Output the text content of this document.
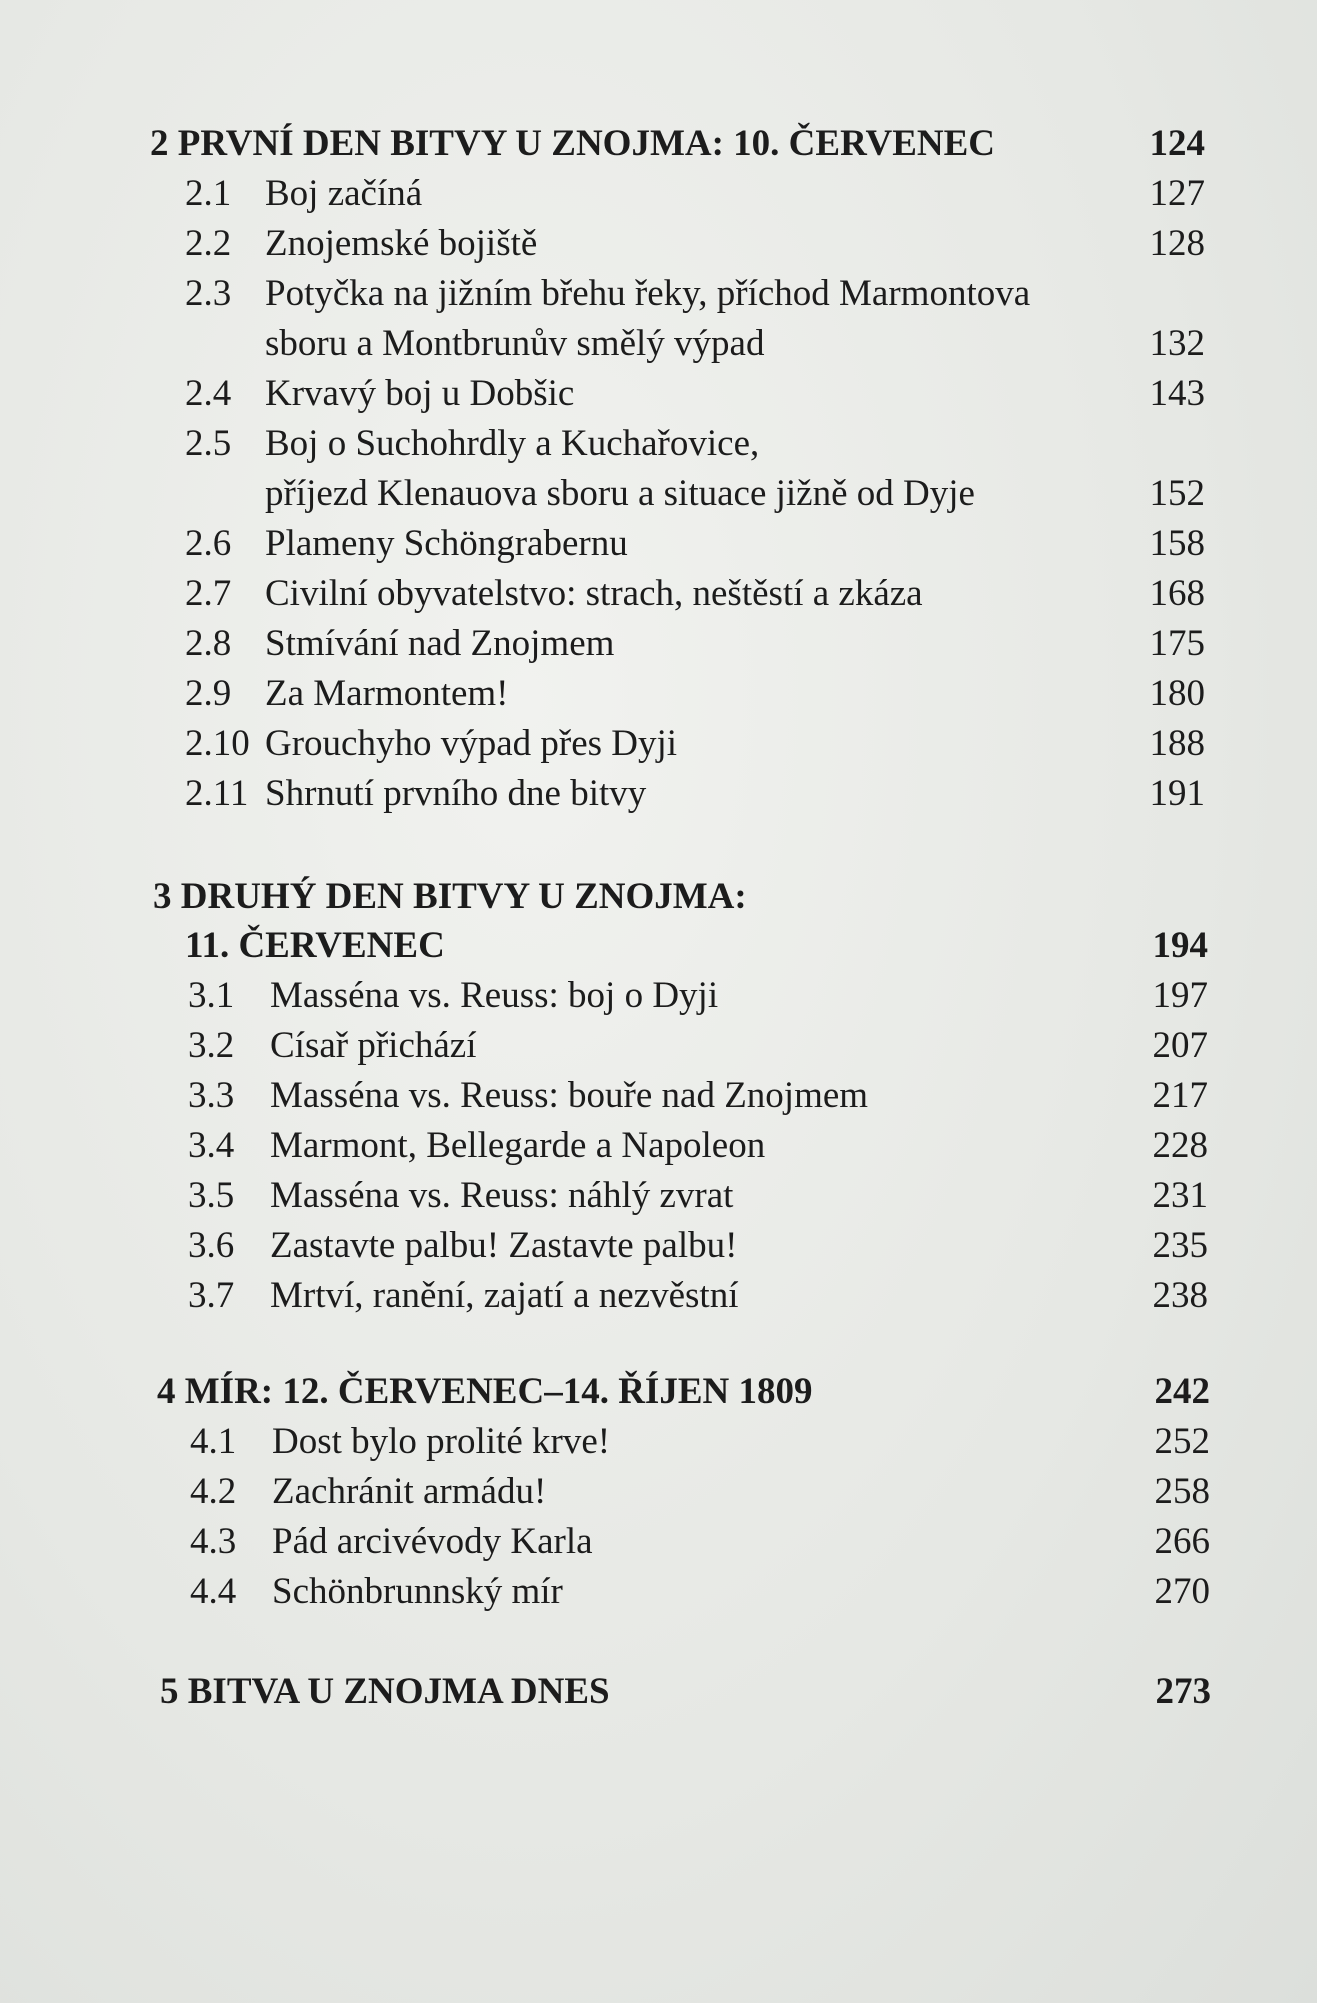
2 PRVNÍ DEN BITVY U ZNOJMA: 10. ČERVENEC	124
2.1 Boj začíná	127
2.2 Znojemské bojiště	128
2.3 Potyčka na jižním břehu řeky, příchod Marmontova
sboru a Montbrunův smělý výpad	132
2.4 Krvavý boj u Dobšic	143
2.5 Boj o Suchohrdly a Kuchařovice,
příjezd Klenauova sboru a situace jižně od Dyje	152
2.6 Plameny Schöngrabernu	158
2.7 Civilní obyvatelstvo: strach, neštěstí a zkáza	168
2.8 Stmívání nad Znojmem	175
2.9 Za Marmontem!	180
2.10 Grouchyho výpad přes Dyji	188
2.11 Shrnutí prvního dne bitvy	191
3 DRUHÝ DEN BITVY U ZNOJMA:
11. ČERVENEC	194
3.1 Masséna vs. Reuss: boj o Dyji	197
3.2 Císař přichází	207
3.3 Masséna vs. Reuss: bouře nad Znojmem	217
3.4 Marmont, Bellegarde a Napoleon	228
3.5 Masséna vs. Reuss: náhlý zvrat	231
3.6 Zastavte palbu! Zastavte palbu!	235
3.7 Mrtví, ranění, zajatí a nezvěstní	238
4 MÍR: 12. ČERVENEC–14. ŘÍJEN 1809	242
4.1 Dost bylo prolité krve!	252
4.2 Zachránit armádu!	258
4.3 Pád arcivévody Karla	266
4.4 Schönbrunnský mír	270
5 BITVA U ZNOJMA DNES	273
